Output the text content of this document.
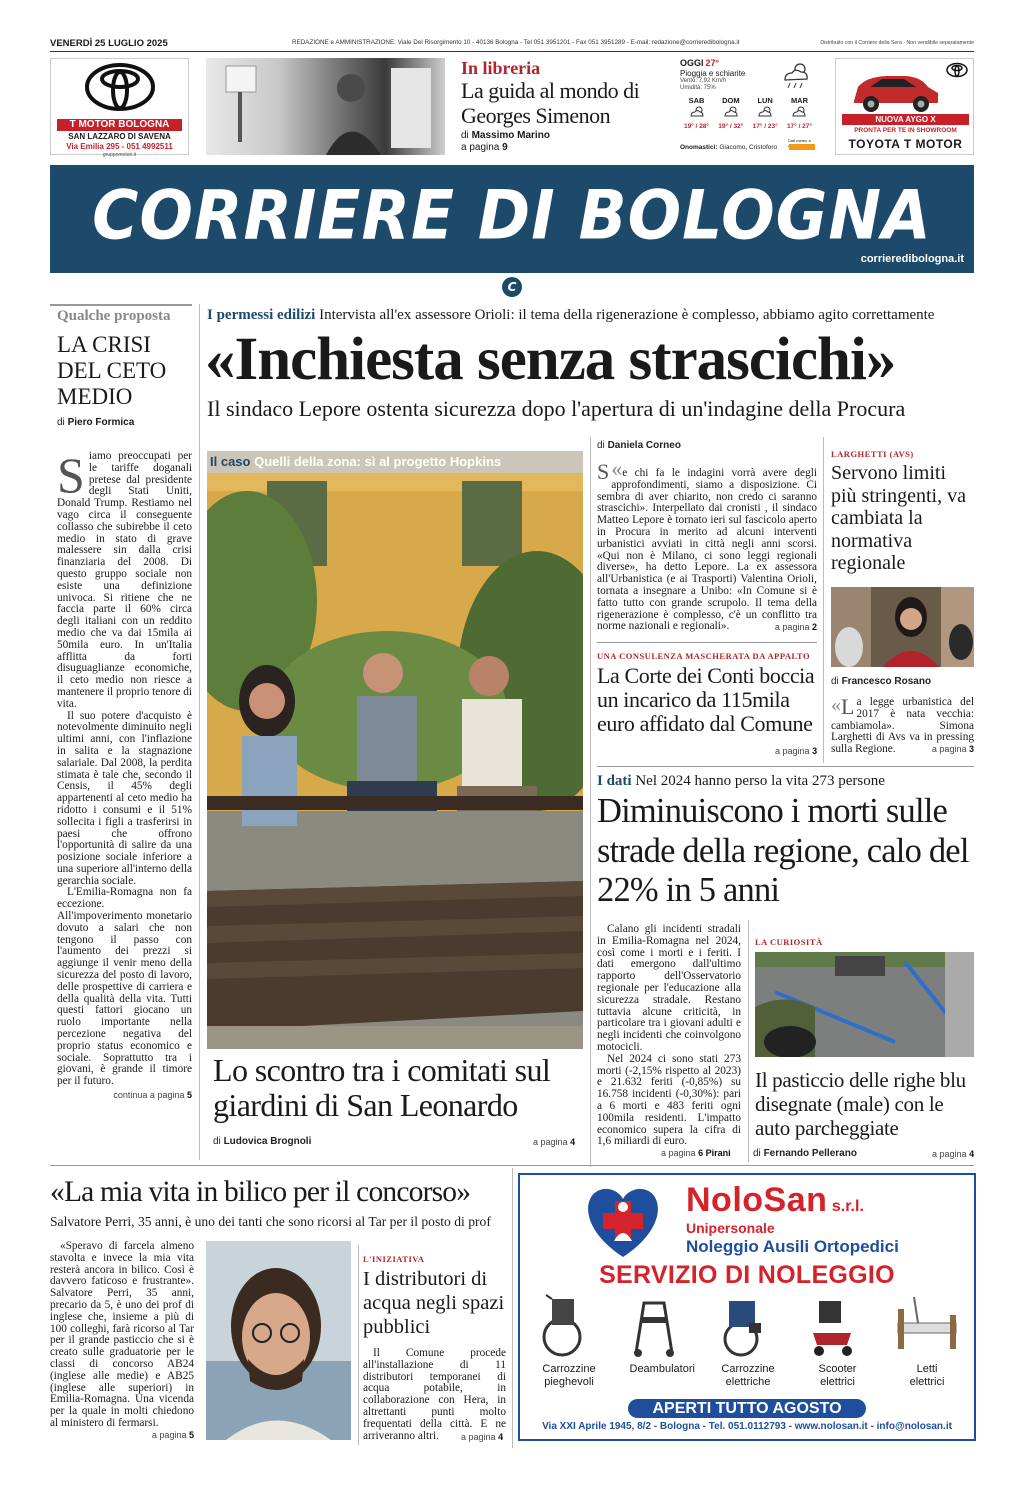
VENERDÌ 25 LUGLIO 2025	REDAZIONE e AMMINISTRAZIONE: Viale Del Risorgimento 10 - 40136 Bologna - Tel 051 3951201 - Fax 051 3951289 - E-mail: redazione@corrieredibologna.it	Distribuito con il Corriere della Sera - Non vendibile separatamente
T MOTOR BOLOGNA
SAN LAZZARO DI SAVENA
Via Emilia 295 - 051 4992511
gruppomotori.it
In libreria
La guida al mondo di Georges Simenon
di Massimo Marino
a pagina 9
OGGI 27°
Pioggia e schiarite
Vento: 7,92 Km/h
Umidità: 75%
SAB
19° / 28°
DOM
19° / 32°
LUN
17° / 23°
MAR
17° / 27°
Onomastici: Giacomo, Cristoforo
Dati meteo a
NUOVA AYGO X
PRONTA PER TE IN SHOWROOM
TOYOTA T MOTOR
CORRIERE DI BOLOGNA
corrieredibologna.it
C
Qualche proposta
LA CRISI DEL CETO MEDIO
di Piero Formica

Siamo preoccupati per le tariffe doganali pretese dal presidente degli Stati Uniti, Donald Trump. Restiamo nel vago circa il conseguente collasso che subirebbe il ceto medio in stato di grave malessere sin dalla crisi finanziaria del 2008. Di questo gruppo sociale non esiste una definizione univoca. Si ritiene che ne faccia parte il 60% circa degli italiani con un reddito medio che va dai 15mila ai 50mila euro. In un'Italia afflitta da forti disuguaglianze economiche, il ceto medio non riesce a mantenere il proprio tenore di vita.

Il suo potere d'acquisto è notevolmente diminuito negli ultimi anni, con l'inflazione in salita e la stagnazione salariale. Dal 2008, la perdita stimata è tale che, secondo il Censis, il 45% degli appartenenti al ceto medio ha ridotto i consumi e il 51% sollecita i figli a trasferirsi in paesi che offrono l'opportunità di salire da una posizione sociale inferiore a una superiore all'interno della gerarchia sociale.

L'Emilia-Romagna non fa eccezione. All'impoverimento monetario dovuto a salari che non tengono il passo con l'aumento dei prezzi si aggiunge il venir meno della sicurezza del posto di lavoro, delle prospettive di carriera e della qualità della vita. Tutti questi fattori giocano un ruolo importante nella percezione negativa del proprio status economico e sociale. Soprattutto tra i giovani, è grande il timore per il futuro.

continua a pagina 5
I permessi edilizi Intervista all'ex assessore Orioli: il tema della rigenerazione è complesso, abbiamo agito correttamente
«Inchiesta senza strascichi»
Il sindaco Lepore ostenta sicurezza dopo l'apertura di un'indagine della Procura
Il caso Quelli della zona: sì al progetto Hopkins
Lo scontro tra i comitati sul giardini di San Leonardo
di Ludovica Brognoli	a pagina 4
di Daniela Corneo

«
S e chi fa le indagini vorrà avere degli approfondimenti, siamo a disposizione. Ci sembra di aver chiarito, non credo ci saranno strascichi». Interpellato dai cronisti , il sindaco Matteo Lepore è tornato ieri sul fascicolo aperto in Procura in merito ad alcuni interventi urbanistici avviati in città negli anni scorsi. «Qui non è Milano, ci sono leggi regionali diverse», ha detto Lepore. La ex assessora all'Urbanistica (e ai Trasporti) Valentina Orioli, tornata a insegnare a Unibo: «In Comune si è fatto tutto con grande scrupolo. Il tema della rigenerazione è complesso, c'è un conflitto tra norme nazionali e regionali».	a pagina 2

UNA CONSULENZA MASCHERATA DA APPALTO
La Corte dei Conti boccia un incarico da 115mila euro affidato dal Comune
a pagina 3
LARGHETTI (AVS)
Servono limiti più stringenti, va cambiata la normativa regionale
di Francesco Rosano

« L a legge urbanistica del 2017 è nata vecchia: cambiamola». Simona Larghetti di Avs va in pressing sulla Regione.	a pagina 3

I dati Nel 2024 hanno perso la vita 273 persone
Diminuiscono i morti sulle strade della regione, calo del 22% in 5 anni

Calano gli incidenti stradali in Emilia-Romagna nel 2024, così come i morti e i feriti. I dati emergono dall'ultimo rapporto dell'Osservatorio regionale per l'educazione alla sicurezza stradale. Restano tuttavia alcune criticità, in particolare tra i giovani adulti e negli incidenti che coinvolgono motocicli.

Nel 2024 ci sono stati 273 morti (-2,15% rispetto al 2023) e 21.632 feriti (-0,85%) su 16.758 incidenti (-0,30%): pari a 6 morti e 483 feriti ogni 100mila residenti. L'impatto economico supera la cifra di 1,6 miliardi di euro.

a pagina 6 Pirani
LA CURIOSITÀ
Il pasticcio delle righe blu disegnate (male) con le auto parcheggiate
di Fernando Pellerano	a pagina 4
«La mia vita in bilico per il concorso»
Salvatore Perri, 35 anni, è uno dei tanti che sono ricorsi al Tar per il posto di prof

«Speravo di farcela almeno stavolta e invece la mia vita resterà ancora in bilico. Così è davvero faticoso e frustrante». Salvatore Perri, 35 anni, precario da 5, è uno dei prof di inglese che, insieme a più di 100 colleghi, farà ricorso al Tar per il grande pasticcio che si è creato sulle graduatorie per le classi di concorso AB24 (inglese alle medie) e AB25 (inglese alle superiori) in Emilia-Romagna. Una vicenda per la quale in molti chiedono al ministero di fermarsi.

a pagina 5
L'INIZIATIVA
I distributori di acqua negli spazi pubblici

Il Comune procede all'installazione di 11 distributori temporanei di acqua potabile, in collaborazione con Hera, in altrettanti punti molto frequentati della città. E ne arriveranno altri.	a pagina 4
NoloSan s.r.l.
Unipersonale
Noleggio Ausili Ortopedici
SERVIZIO DI NOLEGGIO
Carrozzine pieghevoli
Deambulatori	Carrozzine elettriche
Scooter elettrici
Letti elettrici
APERTI TUTTO AGOSTO
Via XXI Aprile 1945, 8/2 - Bologna - Tel. 051.0112793 - www.nolosan.it - info@nolosan.it
